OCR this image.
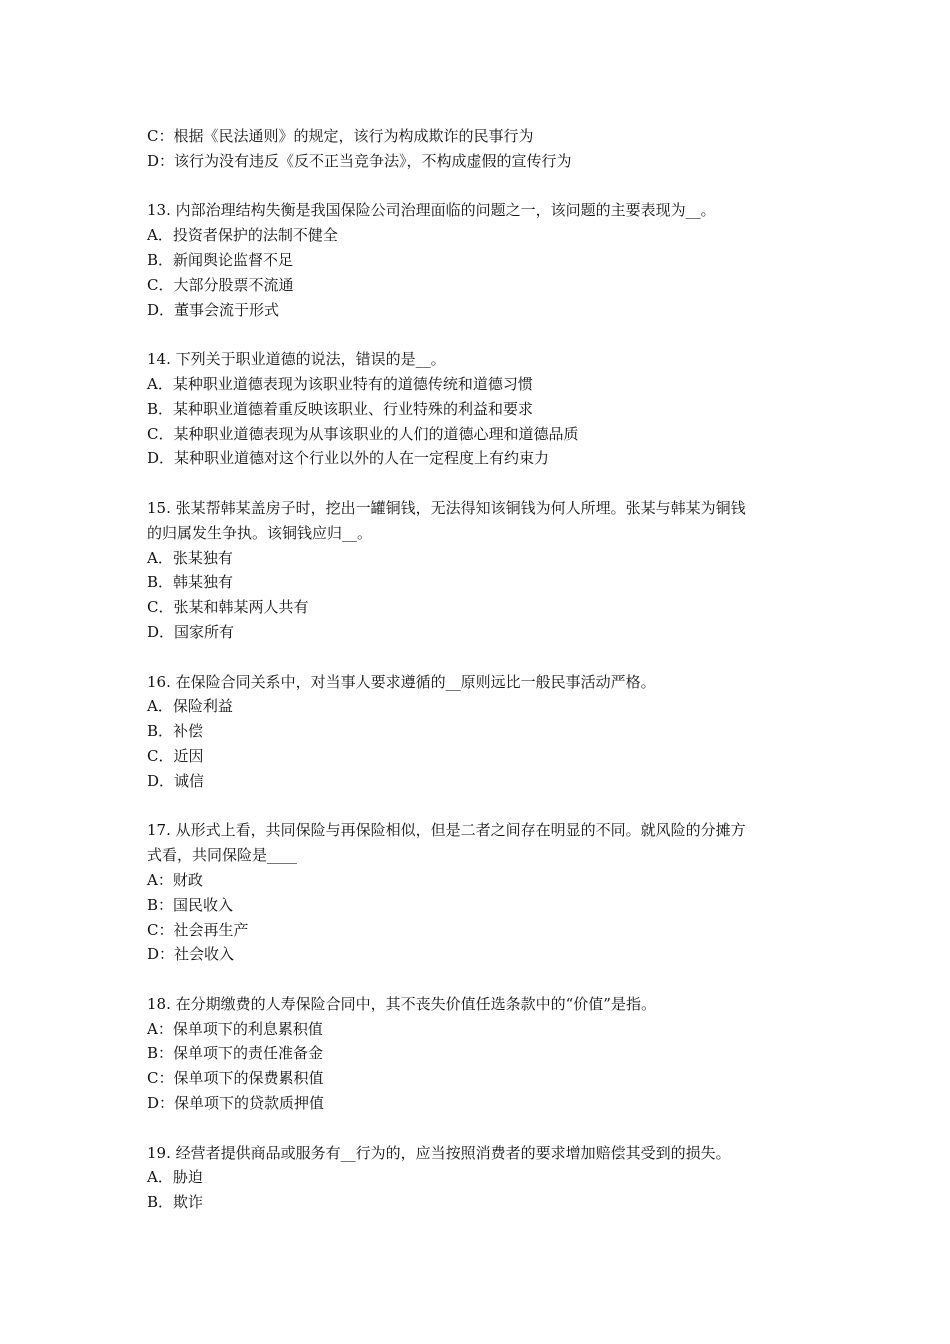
C：根据《民法通则》的规定，该行为构成欺诈的民事行为
D：该行为没有违反《反不正当竞争法》，不构成虚假的宣传行为
13. 内部治理结构失衡是我国保险公司治理面临的问题之一，该问题的主要表现为__。
A．投资者保护的法制不健全
B．新闻舆论监督不足
C．大部分股票不流通
D．董事会流于形式
14. 下列关于职业道德的说法，错误的是__。
A．某种职业道德表现为该职业特有的道德传统和道德习惯
B．某种职业道德着重反映该职业、行业特殊的利益和要求
C．某种职业道德表现为从事该职业的人们的道德心理和道德品质
D．某种职业道德对这个行业以外的人在一定程度上有约束力
15. 张某帮韩某盖房子时，挖出一罐铜钱，无法得知该铜钱为何人所埋。张某与韩某为铜钱
的归属发生争执。该铜钱应归__。
A．张某独有
B．韩某独有
C．张某和韩某两人共有
D．国家所有
16. 在保险合同关系中，对当事人要求遵循的__原则远比一般民事活动严格。
A．保险利益
B．补偿
C．近因
D．诚信
17. 从形式上看，共同保险与再保险相似，但是二者之间存在明显的不同。就风险的分摊方
式看，共同保险是____
A：财政
B：国民收入
C：社会再生产
D：社会收入
18. 在分期缴费的人寿保险合同中，其不丧失价值任选条款中的“价值”是指。
A：保单项下的利息累积值
B：保单项下的责任准备金
C：保单项下的保费累积值
D：保单项下的贷款质押值
19. 经营者提供商品或服务有__行为的，应当按照消费者的要求增加赔偿其受到的损失。
A．胁迫
B．欺诈
